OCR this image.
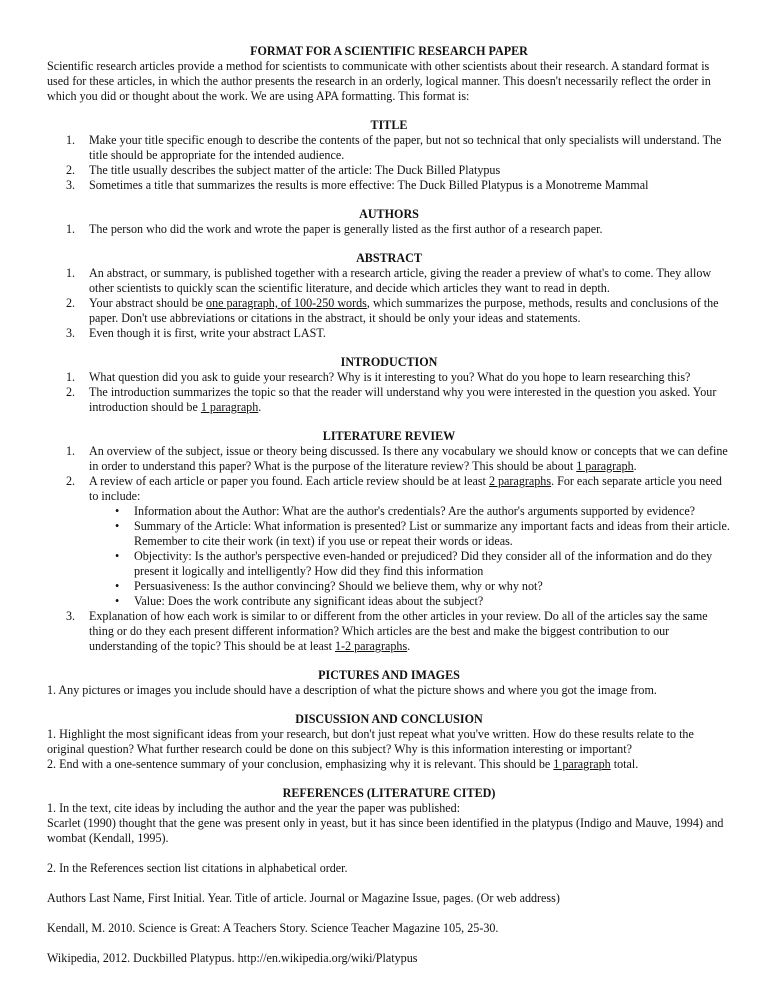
FORMAT FOR A SCIENTIFIC RESEARCH PAPER

Scientific research articles provide a method for scientists to communicate with other scientists about their research. A standard format is used for these articles, in which the author presents the research in an orderly, logical manner. This doesn't necessarily reflect the order in which you did or thought about the work. We are using APA formatting. This format is:

TITLE
1. Make your title specific enough to describe the contents of the paper, but not so technical that only specialists will understand. The title should be appropriate for the intended audience.
2. The title usually describes the subject matter of the article: The Duck Billed Platypus
3. Sometimes a title that summarizes the results is more effective: The Duck Billed Platypus is a Monotreme Mammal
AUTHORS
1. The person who did the work and wrote the paper is generally listed as the first author of a research paper.
ABSTRACT
1. An abstract, or summary, is published together with a research article, giving the reader a preview of what's to come. They allow other scientists to quickly scan the scientific literature, and decide which articles they want to read in depth.
2. Your abstract should be one paragraph, of 100-250 words, which summarizes the purpose, methods, results and conclusions of the paper. Don't use abbreviations or citations in the abstract, it should be only your ideas and statements.
3. Even though it is first, write your abstract LAST.
INTRODUCTION
1. What question did you ask to guide your research? Why is it interesting to you? What do you hope to learn researching this?
2. The introduction summarizes the topic so that the reader will understand why you were interested in the question you asked. Your introduction should be 1 paragraph.
LITERATURE REVIEW
1. An overview of the subject, issue or theory being discussed. Is there any vocabulary we should know or concepts that we can define in order to understand this paper? What is the purpose of the literature review? This should be about 1 paragraph.
2. A review of each article or paper you found. Each article review should be at least 2 paragraphs. For each separate article you need to include:
• Information about the Author: What are the author's credentials? Are the author's arguments supported by evidence?
• Summary of the Article: What information is presented? List or summarize any important facts and ideas from their article. Remember to cite their work (in text) if you use or repeat their words or ideas.
• Objectivity: Is the author's perspective even-handed or prejudiced? Did they consider all of the information and do they present it logically and intelligently? How did they find this information
• Persuasiveness: Is the author convincing? Should we believe them, why or why not?
• Value: Does the work contribute any significant ideas about the subject?
3. Explanation of how each work is similar to or different from the other articles in your review. Do all of the articles say the same thing or do they each present different information? Which articles are the best and make the biggest contribution to our understanding of the topic? This should be at least 1-2 paragraphs.
PICTURES AND IMAGES

1. Any pictures or images you include should have a description of what the picture shows and where you got the image from.

DISCUSSION AND CONCLUSION

1. Highlight the most significant ideas from your research, but don't just repeat what you've written. How do these results relate to the original question? What further research could be done on this subject? Why is this information interesting or important?

2. End with a one-sentence summary of your conclusion, emphasizing why it is relevant. This should be 1 paragraph total.

REFERENCES (LITERATURE CITED)

1. In the text, cite ideas by including the author and the year the paper was published:

Scarlet (1990) thought that the gene was present only in yeast, but it has since been identified in the platypus (Indigo and Mauve, 1994) and wombat (Kendall, 1995).

2. In the References section list citations in alphabetical order.

Authors Last Name, First Initial. Year. Title of article. Journal or Magazine Issue, pages. (Or web address)

Kendall, M. 2010. Science is Great: A Teachers Story. Science Teacher Magazine 105, 25-30.

Wikipedia, 2012. Duckbilled Platypus. http://en.wikipedia.org/wiki/Platypus
